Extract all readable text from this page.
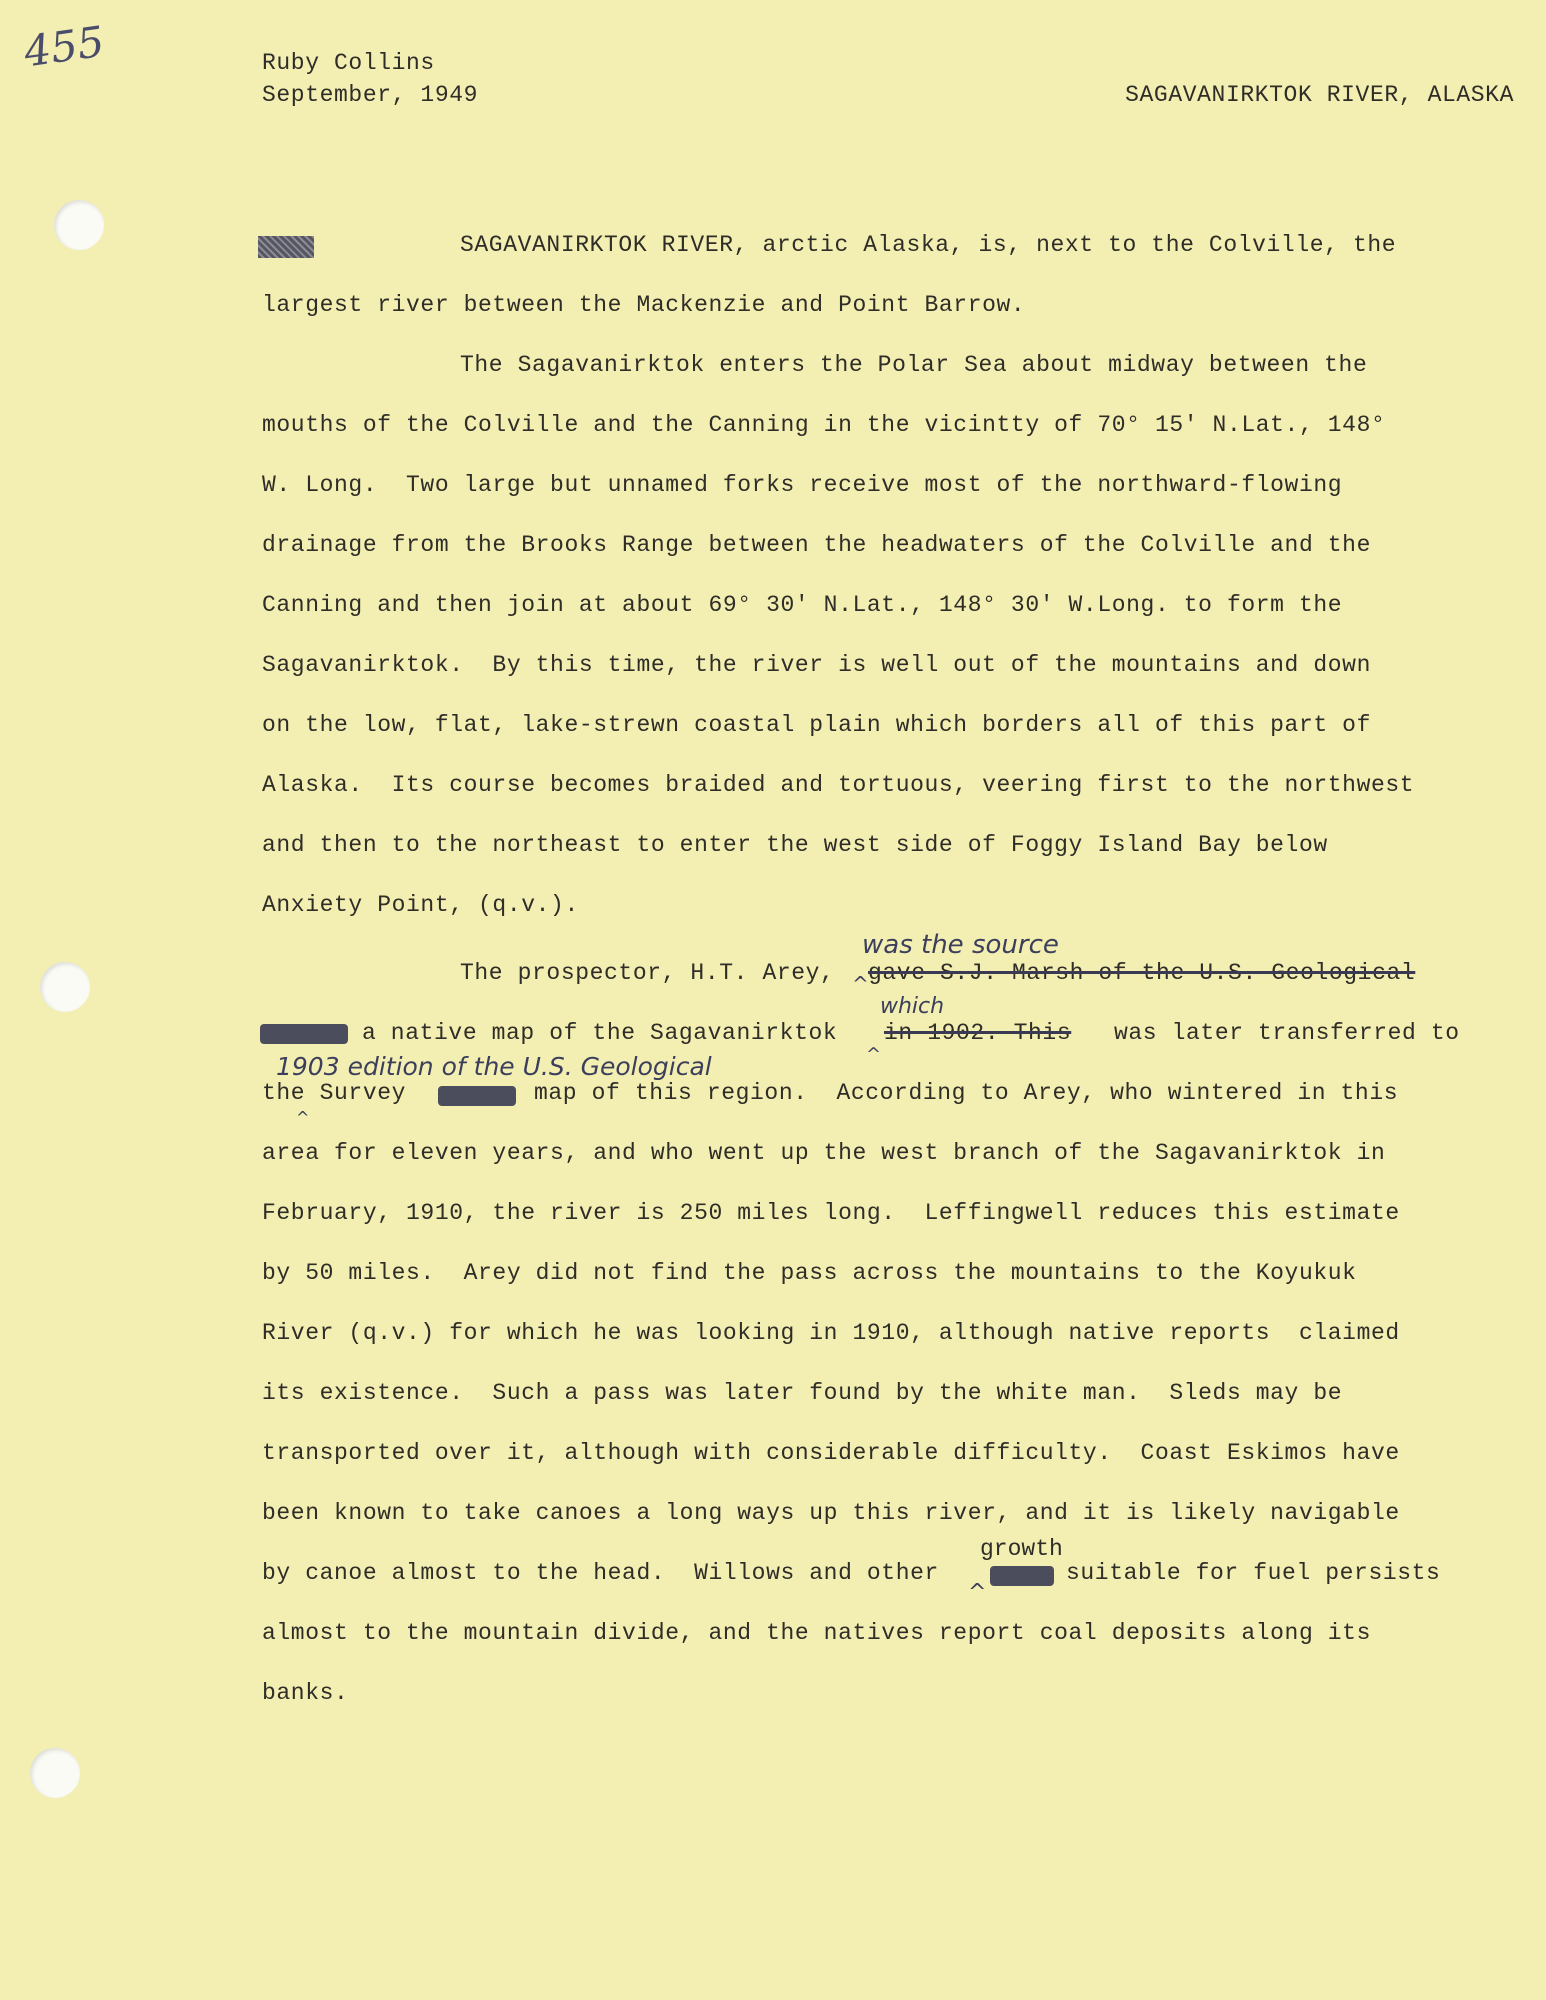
455	Ruby Collins
September, 1949	SAGAVANIRKTOK RIVER, ALASKA
SAGAVANIRKTOK RIVER, arctic Alaska, is, next to the Colville, the
largest river between the Mackenzie and Point Barrow.
The Sagavanirktok enters the Polar Sea about midway between the
mouths of the Colville and the Canning in the vicintty of 70° 15' N.Lat., 148°
W. Long.  Two large but unnamed forks receive most of the northward-flowing
drainage from the Brooks Range between the headwaters of the Colville and the
Canning and then join at about 69° 30' N.Lat., 148° 30' W.Long. to form the
Sagavanirktok.  By this time, the river is well out of the mountains and down
on the low, flat, lake-strewn coastal plain which borders all of this part of
Alaska.  Its course becomes braided and tortuous, veering first to the northwest
and then to the northeast to enter the west side of Foggy Island Bay below
Anxiety Point, (q.v.).
was the source
The prospector, H.T. Arey, ^ gave S.J. Marsh of the U.S. Geological
which
a native map of the Sagavanirktok in 1902. This was later transferred to
1903 edition of the U.S. Geological	^
the Survey	map of this region.  According to Arey, who wintered in this
^
area for eleven years, and who went up the west branch of the Sagavanirktok in
February, 1910, the river is 250 miles long.  Leffingwell reduces this estimate
by 50 miles.  Arey did not find the pass across the mountains to the Koyukuk
River (q.v.) for which he was looking in 1910, although native reports  claimed
its existence.  Such a pass was later found by the white man.  Sleds may be
transported over it, although with considerable difficulty.  Coast Eskimos have
been known to take canoes a long ways up this river, and it is likely navigable
growth
by canoe almost to the head.  Willows and other
^
suitable for fuel persists
almost to the mountain divide, and the natives report coal deposits along its
banks.
